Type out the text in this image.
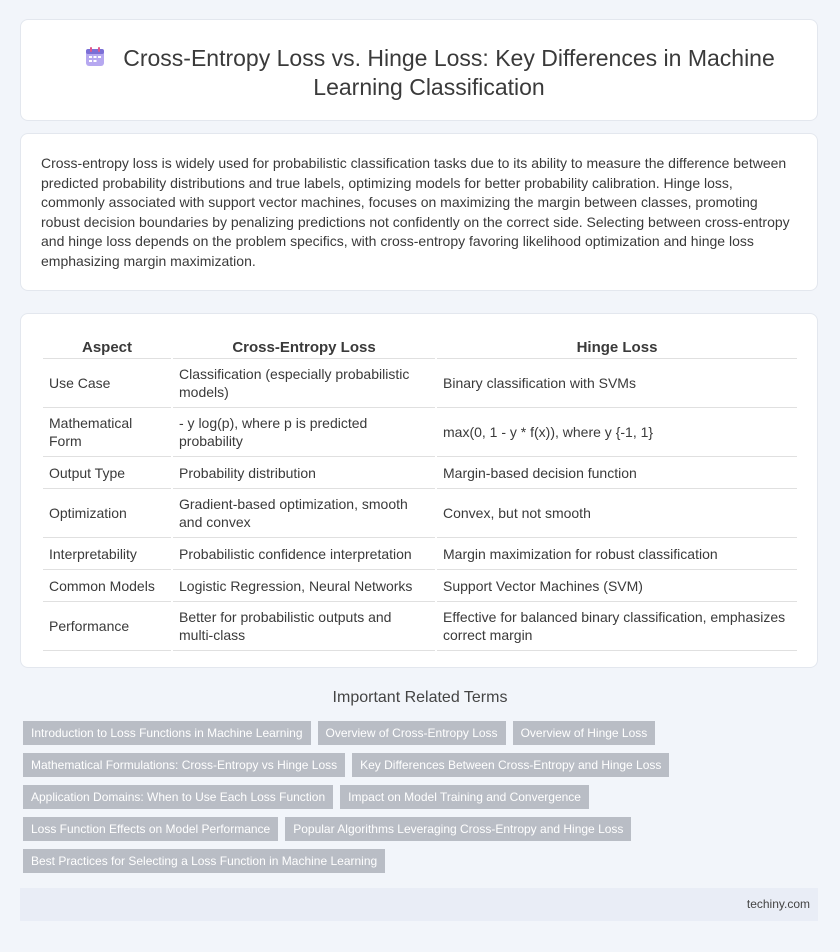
Cross-Entropy Loss vs. Hinge Loss: Key Differences in Machine Learning Classification

Cross-entropy loss is widely used for probabilistic classification tasks due to its ability to measure the difference between predicted probability distributions and true labels, optimizing models for better probability calibration. Hinge loss, commonly associated with support vector machines, focuses on maximizing the margin between classes, promoting robust decision boundaries by penalizing predictions not confidently on the correct side. Selecting between cross-entropy and hinge loss depends on the problem specifics, with cross-entropy favoring likelihood optimization and hinge loss emphasizing margin maximization.

Aspect	Cross-Entropy Loss	Hinge Loss
Use Case	Classification (especially probabilistic models)	Binary classification with SVMs
Mathematical Form	- y log(p), where p is predicted probability	max(0, 1 - y * f(x)), where y {-1, 1}
Output Type	Probability distribution	Margin-based decision function
Optimization	Gradient-based optimization, smooth and convex	Convex, but not smooth
Interpretability	Probabilistic confidence interpretation	Margin maximization for robust classification
Common Models	Logistic Regression, Neural Networks	Support Vector Machines (SVM)
Performance	Better for probabilistic outputs and multi-class	Effective for balanced binary classification, emphasizes correct margin
Important Related Terms
Introduction to Loss Functions in Machine Learning	Overview of Cross-Entropy Loss	Overview of Hinge Loss
Mathematical Formulations: Cross-Entropy vs Hinge Loss	Key Differences Between Cross-Entropy and Hinge Loss
Application Domains: When to Use Each Loss Function	Impact on Model Training and Convergence
Loss Function Effects on Model Performance	Popular Algorithms Leveraging Cross-Entropy and Hinge Loss
Best Practices for Selecting a Loss Function in Machine Learning
techiny.com
